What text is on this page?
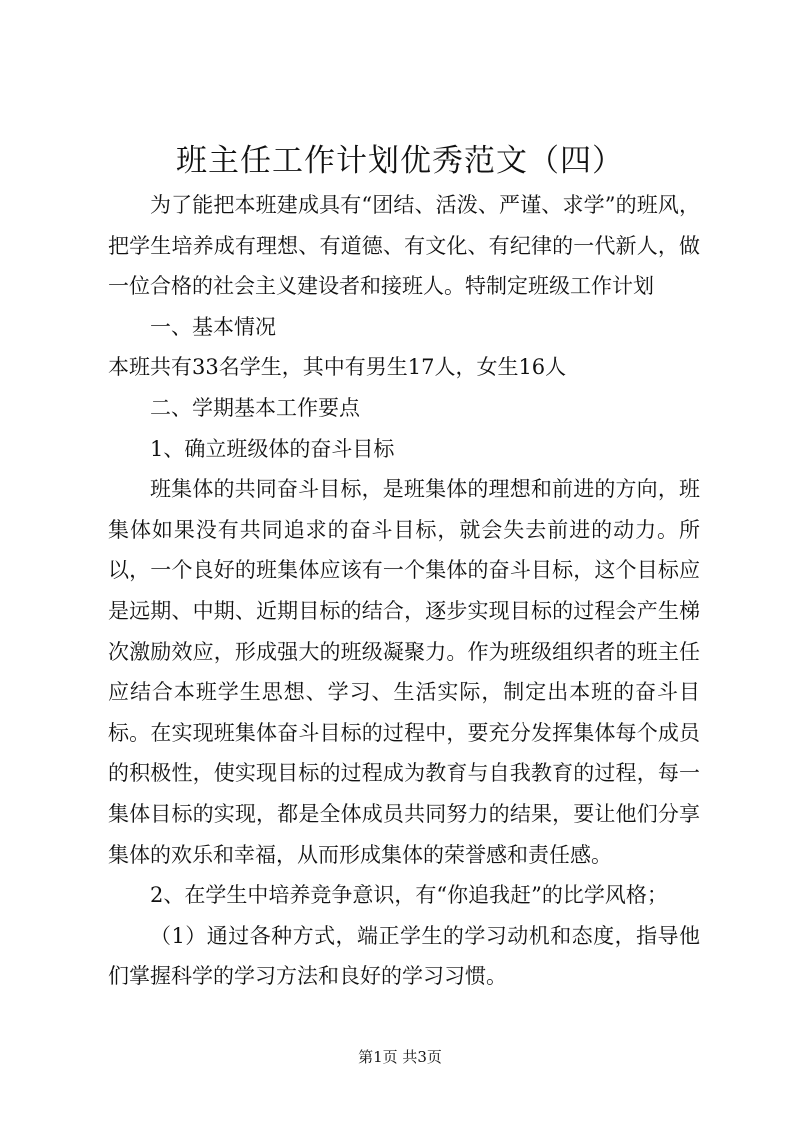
班主任工作计划优秀范文（四）

为了能把本班建成具有“团结、活泼、严谨、求学”的班风，把学生培养成有理想、有道德、有文化、有纪律的一代新人，做一位合格的社会主义建设者和接班人。特制定班级工作计划

一、基本情况

本班共有33名学生，其中有男生17人，女生16人

二、学期基本工作要点

1、确立班级体的奋斗目标

班集体的共同奋斗目标，是班集体的理想和前进的方向，班集体如果没有共同追求的奋斗目标，就会失去前进的动力。所以，一个良好的班集体应该有一个集体的奋斗目标，这个目标应是远期、中期、近期目标的结合，逐步实现目标的过程会产生梯次激励效应，形成强大的班级凝聚力。作为班级组织者的班主任应结合本班学生思想、学习、生活实际，制定出本班的奋斗目标。在实现班集体奋斗目标的过程中，要充分发挥集体每个成员的积极性，使实现目标的过程成为教育与自我教育的过程，每一集体目标的实现，都是全体成员共同努力的结果，要让他们分享集体的欢乐和幸福，从而形成集体的荣誉感和责任感。

2、在学生中培养竞争意识，有“你追我赶”的比学风格；

（1）通过各种方式，端正学生的学习动机和态度，指导他们掌握科学的学习方法和良好的学习习惯。

第1页 共3页
